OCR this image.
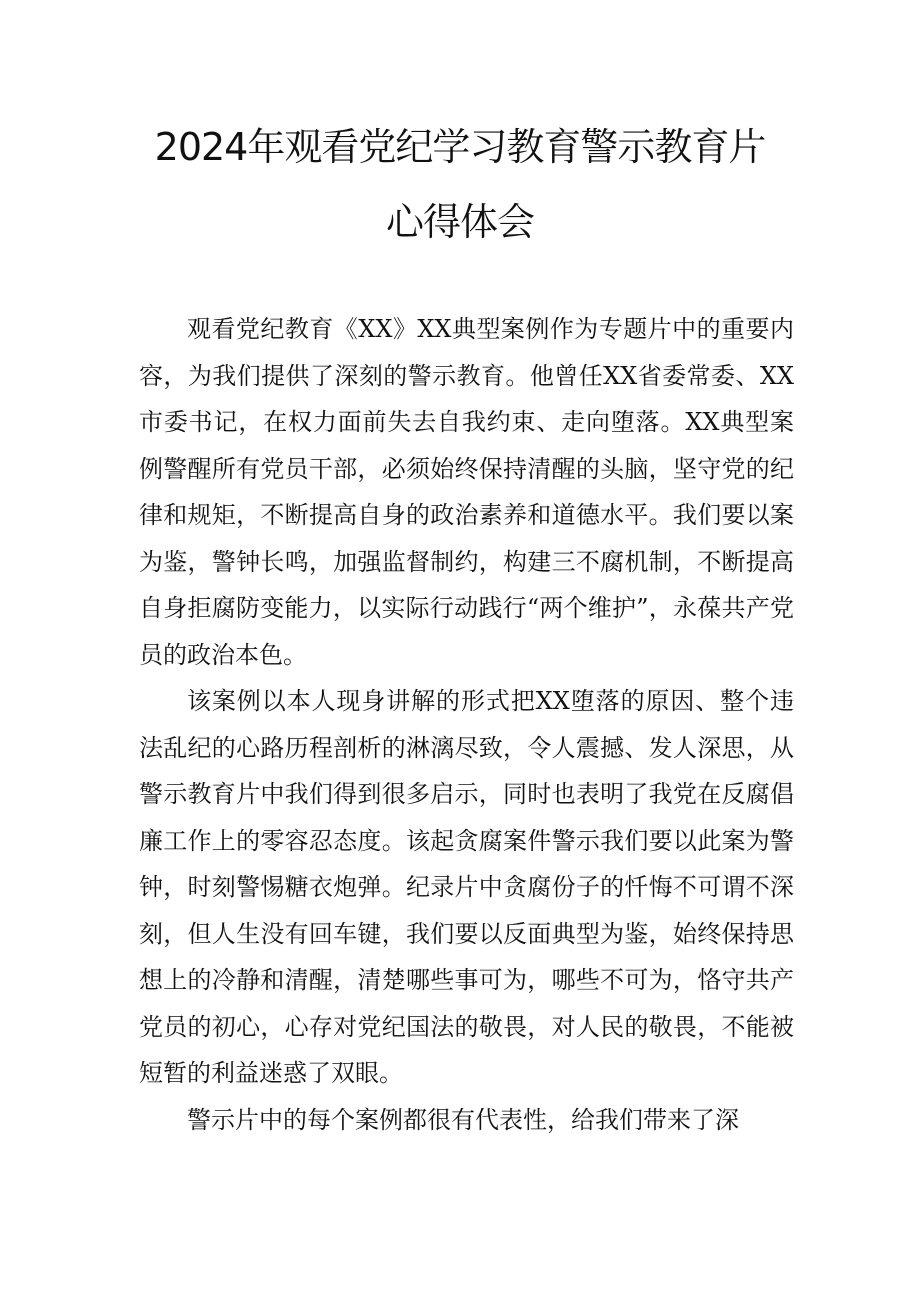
2024年观看党纪学习教育警示教育片
心得体会

观看党纪教育《XX》XX典型案例作为专题片中的重要内容，为我们提供了深刻的警示教育。他曾任XX省委常委、XX市委书记，在权力面前失去自我约束、走向堕落。XX典型案例警醒所有党员干部，必须始终保持清醒的头脑，坚守党的纪律和规矩，不断提高自身的政治素养和道德水平。我们要以案为鉴，警钟长鸣，加强监督制约，构建三不腐机制，不断提高自身拒腐防变能力，以实际行动践行“两个维护”，永葆共产党员的政治本色。

该案例以本人现身讲解的形式把XX堕落的原因、整个违法乱纪的心路历程剖析的淋漓尽致，令人震撼、发人深思，从警示教育片中我们得到很多启示，同时也表明了我党在反腐倡廉工作上的零容忍态度。该起贪腐案件警示我们要以此案为警钟，时刻警惕糖衣炮弹。纪录片中贪腐份子的忏悔不可谓不深刻，但人生没有回车键，我们要以反面典型为鉴，始终保持思想上的冷静和清醒，清楚哪些事可为，哪些不可为，恪守共产党员的初心，心存对党纪国法的敬畏，对人民的敬畏，不能被短暂的利益迷惑了双眼。

警示片中的每个案例都很有代表性，给我们带来了深
